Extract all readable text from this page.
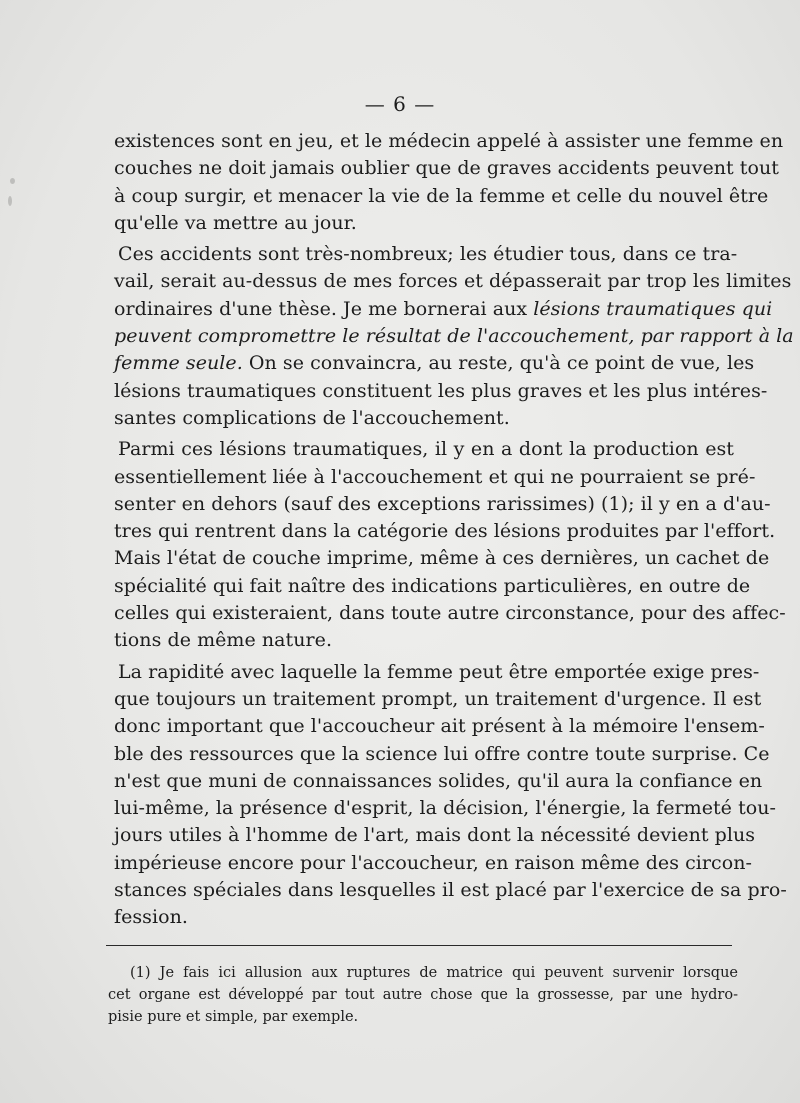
— 6 —
existences sont en jeu, et le médecin appelé à assister une femme en
couches ne doit jamais oublier que de graves accidents peuvent tout
à coup surgir, et menacer la vie de la femme et celle du nouvel être
qu'elle va mettre au jour.
Ces accidents sont très-nombreux; les étudier tous, dans ce tra-
vail, serait au-dessus de mes forces et dépasserait par trop les limites
ordinaires d'une thèse. Je me bornerai aux lésions traumatiques qui
peuvent compromettre le résultat de l'accouchement, par rapport à la
femme seule. On se convaincra, au reste, qu'à ce point de vue, les
lésions traumatiques constituent les plus graves et les plus intéres-
santes complications de l'accouchement.
Parmi ces lésions traumatiques, il y en a dont la production est
essentiellement liée à l'accouchement et qui ne pourraient se pré-
senter en dehors (sauf des exceptions rarissimes) (1); il y en a d'au-
tres qui rentrent dans la catégorie des lésions produites par l'effort.
Mais l'état de couche imprime, même à ces dernières, un cachet de
spécialité qui fait naître des indications particulières, en outre de
celles qui existeraient, dans toute autre circonstance, pour des affec-
tions de même nature.
La rapidité avec laquelle la femme peut être emportée exige pres-
que toujours un traitement prompt, un traitement d'urgence. Il est
donc important que l'accoucheur ait présent à la mémoire l'ensem-
ble des ressources que la science lui offre contre toute surprise. Ce
n'est que muni de connaissances solides, qu'il aura la confiance en
lui-même, la présence d'esprit, la décision, l'énergie, la fermeté tou-
jours utiles à l'homme de l'art, mais dont la nécessité devient plus
impérieuse encore pour l'accoucheur, en raison même des circon-
stances spéciales dans lesquelles il est placé par l'exercice de sa pro-
fession.
(1) Je fais ici allusion aux ruptures de matrice qui peuvent survenir lorsque
cet organe est développé par tout autre chose que la grossesse, par une hydro-
pisie pure et simple, par exemple.
